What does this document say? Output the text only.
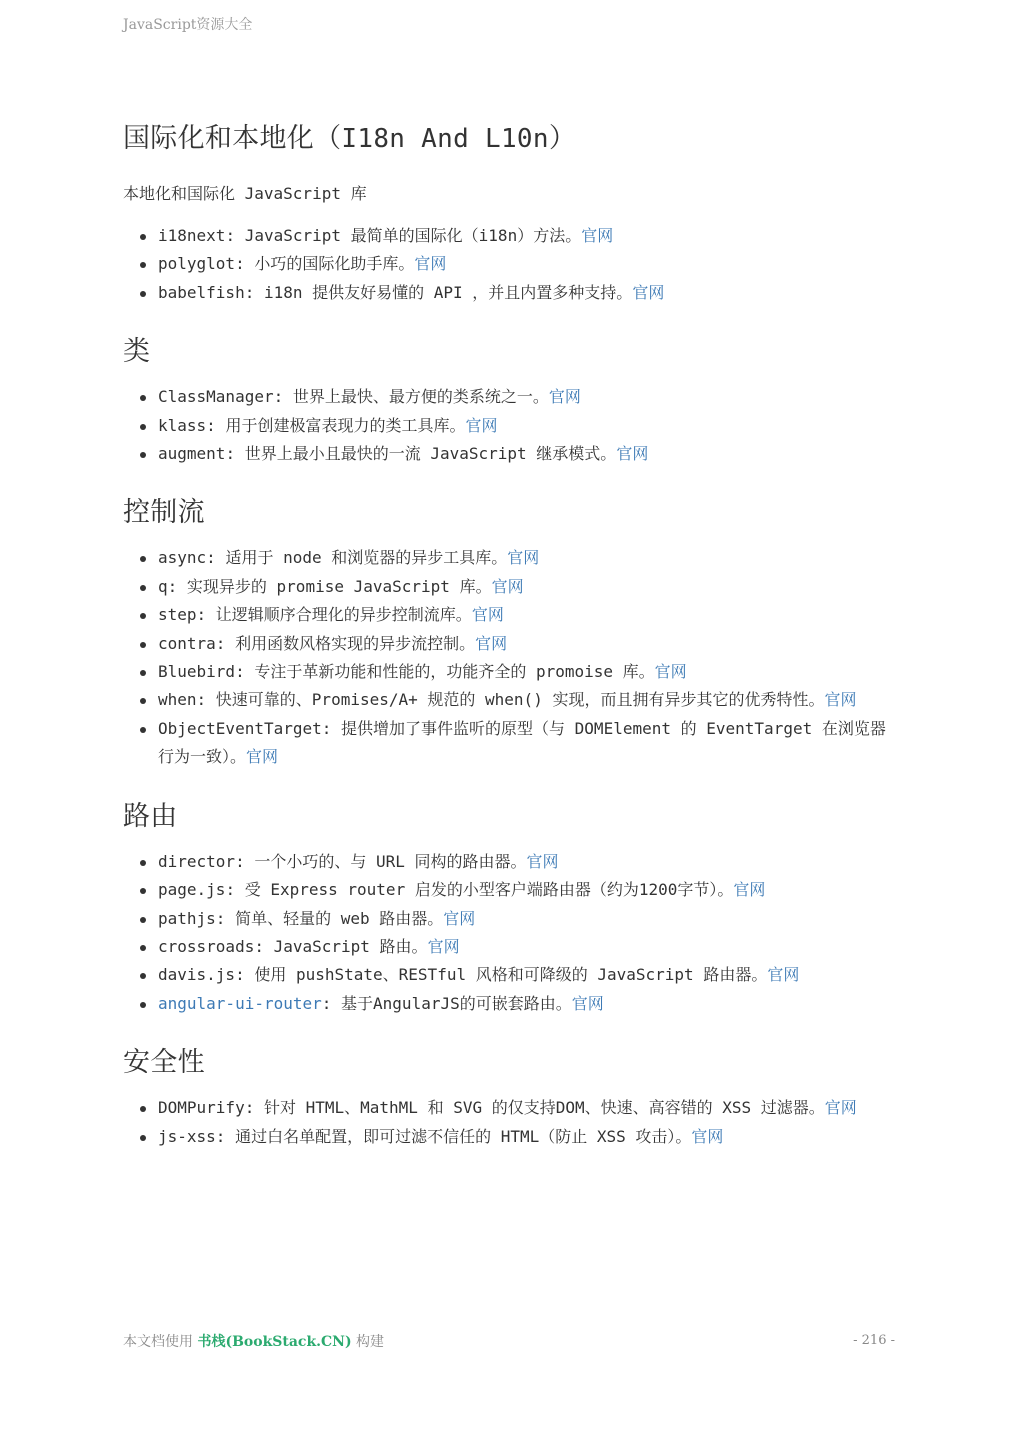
JavaScript资源大全
国际化和本地化（I18n And L10n）

本地化和国际化 JavaScript 库

i18next: JavaScript 最简单的国际化（i18n）方法。官网
polyglot: 小巧的国际化助手库。官网
babelfish: i18n 提供友好易懂的 API ，并且内置多种支持。官网
类
ClassManager: 世界上最快、最方便的类系统之一。官网
klass: 用于创建极富表现力的类工具库。官网
augment: 世界上最小且最快的一流 JavaScript 继承模式。官网
控制流
async: 适用于 node 和浏览器的异步工具库。官网
q: 实现异步的 promise JavaScript 库。官网
step: 让逻辑顺序合理化的异步控制流库。官网
contra: 利用函数风格实现的异步流控制。官网
Bluebird: 专注于革新功能和性能的，功能齐全的 promoise 库。官网
when: 快速可靠的、Promises/A+ 规范的 when() 实现，而且拥有异步其它的优秀特性。官网
ObjectEventTarget: 提供增加了事件监听的原型（与 DOMElement 的 EventTarget 在浏览器行为一致）。官网
路由
director: 一个小巧的、与 URL 同构的路由器。官网
page.js: 受 Express router 启发的小型客户端路由器（约为1200字节）。官网
pathjs: 简单、轻量的 web 路由器。官网
crossroads: JavaScript 路由。官网
davis.js: 使用 pushState、RESTful 风格和可降级的 JavaScript 路由器。官网
angular-ui-router: 基于AngularJS的可嵌套路由。官网
安全性
DOMPurify: 针对 HTML、MathML 和 SVG 的仅支持DOM、快速、高容错的 XSS 过滤器。官网
js-xss: 通过白名单配置，即可过滤不信任的 HTML（防止 XSS 攻击）。官网
本文档使用 书栈(BookStack.CN) 构建	- 216 -
